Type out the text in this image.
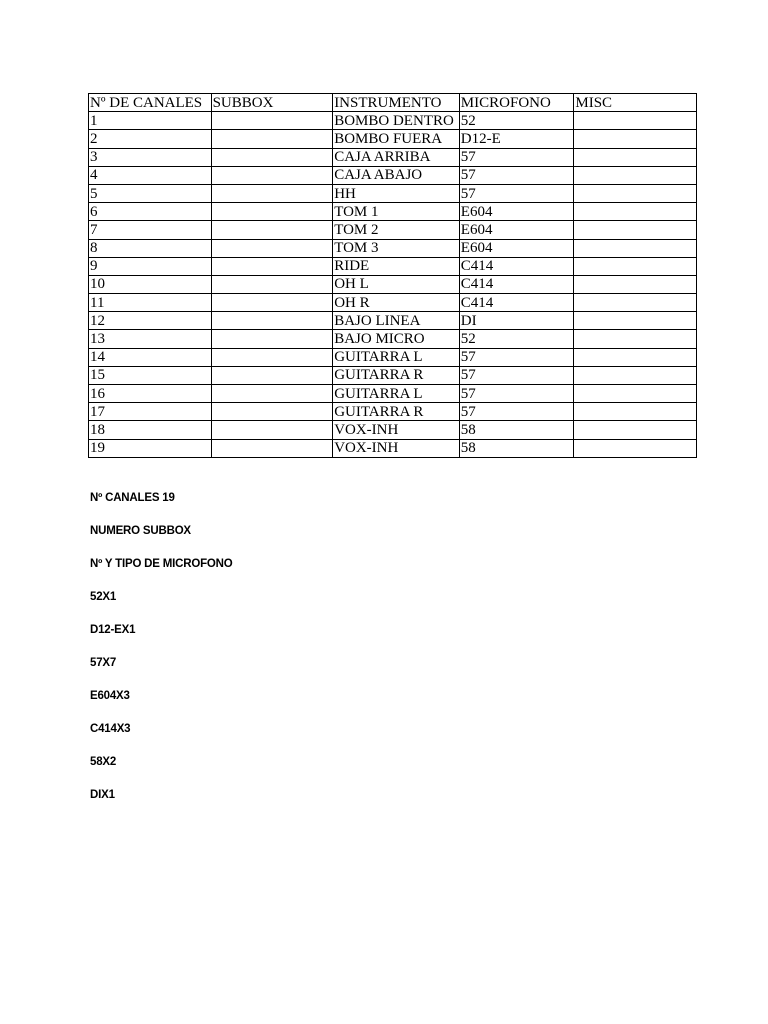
Nº DE CANALES	SUBBOX	INSTRUMENTO	MICROFONO	MISC
1		BOMBO DENTRO	52	
2		BOMBO FUERA	D12-E	
3		CAJA ARRIBA	57	
4		CAJA ABAJO	57	
5		HH	57	
6		TOM 1	E604	
7		TOM 2	E604	
8		TOM 3	E604	
9		RIDE	C414	
10		OH L	C414	
11		OH R	C414	
12		BAJO LINEA	DI	
13		BAJO MICRO	52	
14		GUITARRA L	57	
15		GUITARRA R	57	
16		GUITARRA L	57	
17		GUITARRA R	57	
18		VOX-INH	58	
19		VOX-INH	58	
Nº CANALES 19
NUMERO SUBBOX
Nº Y TIPO DE MICROFONO
52X1
D12-EX1
57X7
E604X3
C414X3
58X2
DIX1
